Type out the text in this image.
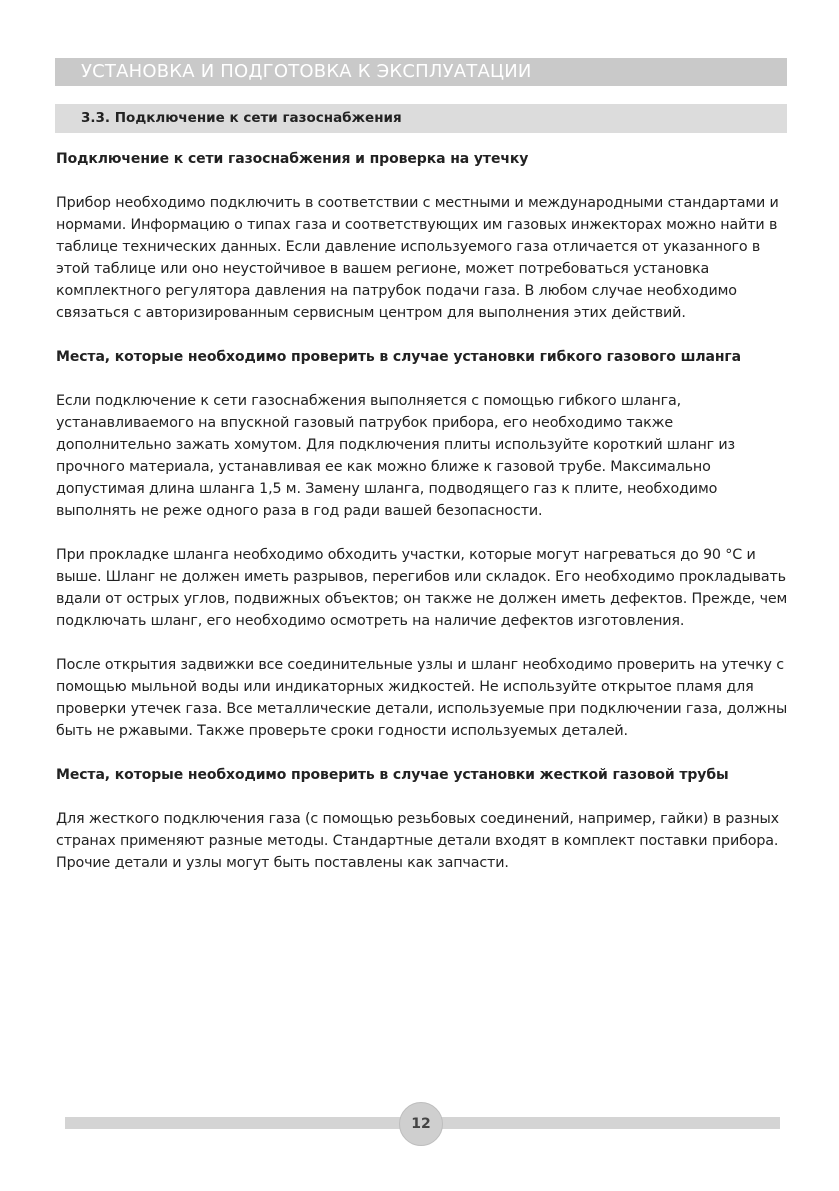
УСТАНОВКА И ПОДГОТОВКА К ЭКСПЛУАТАЦИИ
3.3. Подключение к сети газоснабжения

Подключение к сети газоснабжения и проверка на утечку

Прибор необходимо подключить в соответствии с местными и международными стандартами и нормами. Информацию о типах газа и соответствующих им газовых инжекторах можно найти в таблице технических данных. Если давление используемого газа отличается от указанного в этой таблице или оно неустойчивое в вашем регионе, может потребоваться установка комплектного регулятора давления на патрубок подачи газа. В любом случае необходимо связаться с авторизированным сервисным центром для выполнения этих действий.

Места, которые необходимо проверить в случае установки гибкого газового шланга

Если подключение к сети газоснабжения выполняется с помощью гибкого шланга, устанавливаемого на впускной газовый патрубок прибора, его необходимо также дополнительно зажать хомутом. Для подключения плиты используйте короткий шланг из прочного материала, устанавливая ее как можно ближе к газовой трубе. Максимально допустимая длина шланга 1,5 м. Замену шланга, подводящего газ к плите, необходимо выполнять не реже одного раза в год ради вашей безопасности.

При прокладке шланга необходимо обходить участки, которые могут нагреваться до 90 °C и выше. Шланг не должен иметь разрывов, перегибов или складок. Его необходимо прокладывать вдали от острых углов, подвижных объектов; он также не должен иметь дефектов. Прежде, чем подключать шланг, его необходимо осмотреть на наличие дефектов изготовления.

После открытия задвижки все соединительные узлы и шланг необходимо проверить на утечку с помощью мыльной воды или индикаторных жидкостей. Не используйте открытое пламя для проверки утечек газа. Все металлические детали, используемые при подключении газа, должны быть не ржавыми. Также проверьте сроки годности используемых деталей.

Места, которые необходимо проверить в случае установки жесткой газовой трубы

Для жесткого подключения газа (с помощью резьбовых соединений, например, гайки) в разных странах применяют разные методы. Стандартные детали входят в комплект поставки прибора. Прочие детали и узлы могут быть поставлены как запчасти.

12
